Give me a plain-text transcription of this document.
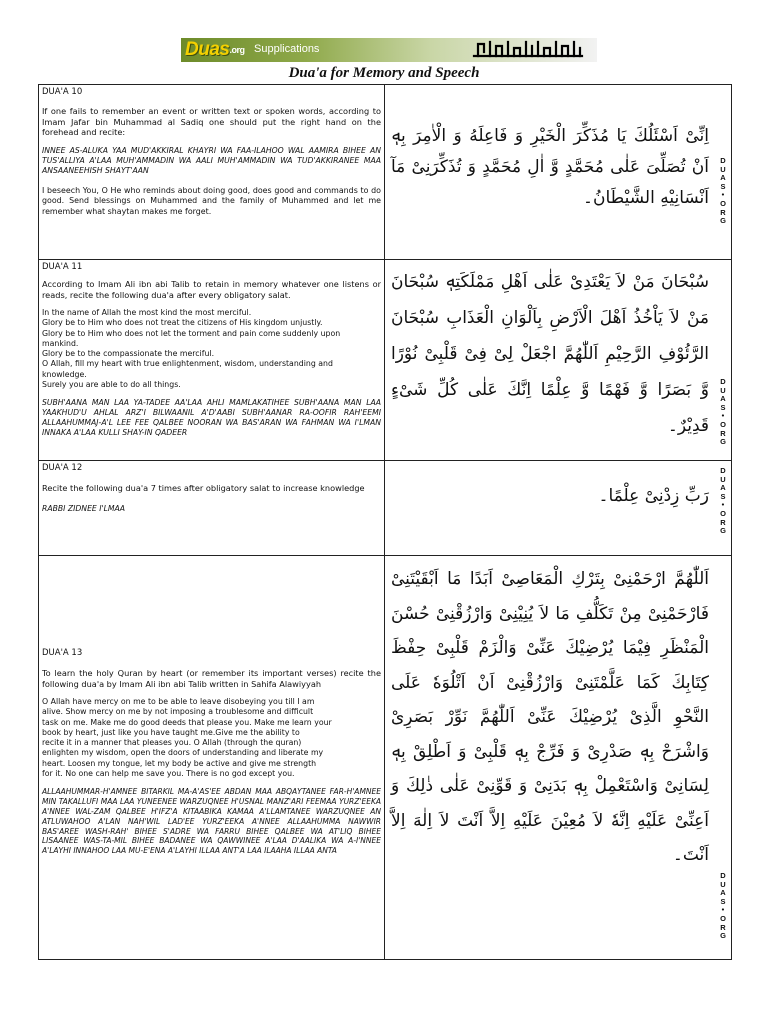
Duas.org Supplications
Dua'a for Memory and Speech
DUA'A 10

If one fails to remember an event or written text or spoken words, according to Imam Jafar bin Muhammad al Sadiq one should put the right hand on the forehead and recite:

INNEE AS-ALUKA YAA MUD'AKKIRAL KHAYRI WA FAA-ILAHOO WAL AAMIRA BIHEE AN TUS'ALLIYA A'LAA MUH'AMMADIN WA AALI MUH'AMMADIN WA TUD'AKKIRANEE MAA ANSAANEEHISH SHAYT'AAN

I beseech You, O He who reminds about doing good, does good and commands to do good. Send blessings on Muhammed and the family of Muhammed and let me remember what shaytan makes me forget.

اِنِّیْ اَسْئَلُكَ یَا مُذَكِّرَ الْخَیْرِ وَ فَاعِلَهُ وَ الْاٰمِرَ بِهٖ اَنْ تُصَلِّیَ عَلٰی مُحَمَّدٍ وَّ اٰلِ مُحَمَّدٍ وَ تُذَكِّرَنِیْ مَآ اَنْسَانِیْهِ الشَّیْطَانُ۔
D
U
A
S
•
O
R
G
DUA'A 11

According to Imam Ali ibn abi Talib to retain in memory whatever one listens or reads, recite the following dua'a after every obligatory salat.

In the name of Allah the most kind the most merciful.
Glory be to Him who does not treat the citizens of His kingdom unjustly.
Glory be to Him who does not let the torment and pain come suddenly upon
mankind.
Glory be to the compassionate the merciful.
O Allah, fill my heart with true enlightenment, wisdom, understanding and
knowledge.
Surely you are able to do all things.

SUBH'AANA MAN LAA YA-TADEE AA'LAA AHLI MAMLAKATIHEE SUBH'AANA MAN LAA YAAKHUD'U AHLAL ARZ'I BILWAANIL A'D'AABI SUBH'AANAR RA-OOFIR RAH'EEMI ALLAAHUMMAJ-A'L LEE FEE QALBEE NOORAN WA BAS'ARAN WA FAHMAN WA I'LMAN INNAKA A'LAA KULLI SHAY-IN QADEER

سُبْحَانَ مَنْ لاَ یَعْتَدِیْ عَلٰی اَهْلِ مَمْلَكَتِهٖ سُبْحَانَ مَنْ لاَ یَاْخُذُ اَهْلَ الْاَرْضِ بِاَلْوَانِ الْعَذَابِ سُبْحَانَ الرَّئُوْفِ الرَّحِیْمِ اَللّٰهُمَّ اجْعَلْ لِیْ فِیْ قَلْبِیْ نُوْرًا وَّ بَصَرًا وَّ فَهْمًا وَّ عِلْمًا اِنَّكَ عَلٰی كُلِّ شَیْءٍ قَدِیْرٌ۔
D
U
A
S
•
O
R
G
DUA'A 12

Recite the following dua'a 7 times after obligatory salat to increase knowledge

RABBI ZIDNEE I'LMAA

رَبِّ زِدْنِیْ عِلْمًا۔
D
U
A
S
•
O
R
G
DUA'A 13

To learn the holy Quran by heart (or remember its important verses) recite the following dua'a by Imam Ali ibn abi Talib written in Sahifa Alawiyyah

O Allah have mercy on me to be able to leave disobeying you till I am
alive. Show mercy on me by not imposing a troublesome and difficult
task on me. Make me do good deeds that please you. Make me learn your
book by heart, just like you have taught me.Give me the ability to
recite it in a manner that pleases you. O Allah (through the quran)
enlighten my wisdom, open the doors of understanding and liberate my
heart. Loosen my tongue, let my body be active and give me strength
for it. No one can help me save you. There is no god except you.

ALLAAHUMMAR-H'AMNEE BITARKIL MA-A'AS'EE ABDAN MAA ABQAYTANEE FAR-H'AMNEE MIN TAKALLUFI MAA LAA YUNEENEE WARZUQNEE H'USNAL MANZ'ARI FEEMAA YURZ'EEKA A'NNEE WAL-ZAM QALBEE H'IFZ'A KITAABIKA KAMAA A'LLAMTANEE WARZUQNEE AN ATLUWAHOO A'LAN NAH'WIL LAD'EE YURZ'EEKA A'NNEE ALLAAHUMMA NAWWIR BAS'AREE WASH-RAH' BIHEE S'ADRE WA FARRU BIHEE QALBEE WA AT'LIQ BIHEE LISAANEE WAS-TA-MIL BIHEE BADANEE WA QAWWINEE A'LAA D'AALIKA WA A-I'NNEE A'LAYHI INNAHOO LAA MU-E'ENA A'LAYHI ILLAA ANT'A LAA ILAAHA ILLAA ANTA

اَللّٰهُمَّ ارْحَمْنِیْ بِتَرْكِ الْمَعَاصِیْ اَبَدًا مَا اَبْقَیْتَنِیْ فَارْحَمْنِیْ مِنْ تَكَلُّفِ مَا لاَ یُنِیْنِیْ وَارْزُقْنِیْ حُسْنَ الْمَنْظَرِ فِیْمَا یُرْضِیْكَ عَنِّیْ وَالْزَمْ قَلْبِیْ حِفْظَ كِتَابِكَ كَمَا عَلَّمْتَنِیْ وَارْزُقْنِیْ اَنْ اَتْلُوَهٗ عَلَی النَّحْوِ الَّذِیْ یُرْضِیْكَ عَنِّیْ اَللّٰهُمَّ نَوِّرْ بَصَرِیْ وَاشْرَحْ بِهٖ صَدْرِیْ وَ فَرِّجْ بِهٖ قَلْبِیْ وَ اَطْلِقْ بِهٖ لِسَانِیْ وَاسْتَعْمِلْ بِهٖ بَدَنِیْ وَ قَوِّنِیْ عَلٰی ذٰلِكَ وَ اَعِنِّیْ عَلَیْهِ اِنَّهٗ لاَ مُعِیْنَ عَلَیْهِ اِلاَّ اَنْتَ لاَ اِلٰهَ اِلاَّ اَنْتَ۔
D
U
A
S
•
O
R
G
